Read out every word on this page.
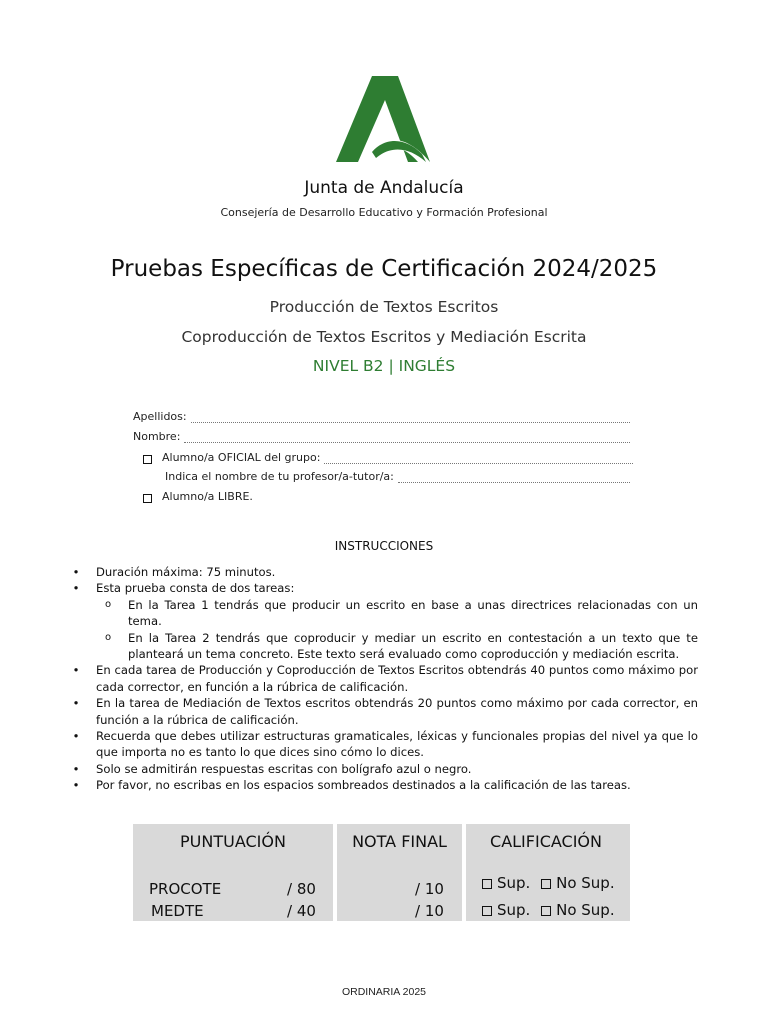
Junta de Andalucía
Consejería de Desarrollo Educativo y Formación Profesional
Pruebas Específicas de Certificación 2024/2025
Producción de Textos Escritos
Coproducción de Textos Escritos y Mediación Escrita
NIVEL B2 | INGLÉS
Apellidos:
Nombre:
Alumno/a OFICIAL del grupo:
Indica el nombre de tu profesor/a-tutor/a:
Alumno/a LIBRE.
INSTRUCCIONES
• Duración máxima: 75 minutos.
• Esta prueba consta de dos tareas:
o En la Tarea 1 tendrás que producir un escrito en base a unas directrices relacionadas con un tema.
o En la Tarea 2 tendrás que coproducir y mediar un escrito en contestación a un texto que te planteará un tema concreto. Este texto será evaluado como coproducción y mediación escrita.
• En cada tarea de Producción y Coproducción de Textos Escritos obtendrás 40 puntos como máximo por cada corrector, en función a la rúbrica de calificación.
• En la tarea de Mediación de Textos escritos obtendrás 20 puntos como máximo por cada corrector, en función a la rúbrica de calificación.
• Recuerda que debes utilizar estructuras gramaticales, léxicas y funcionales propias del nivel ya que lo que importa no es tanto lo que dices sino cómo lo dices.
• Solo se admitirán respuestas escritas con bolígrafo azul o negro.
• Por favor, no escribas en los espacios sombreados destinados a la calificación de las tareas.
PUNTUACIÓN
PROCOTE	/ 80
MEDTE	/ 40
NOTA FINAL
/ 10
/ 10
CALIFICACIÓN
Sup. No Sup.
Sup. No Sup.
ORDINARIA 2025
